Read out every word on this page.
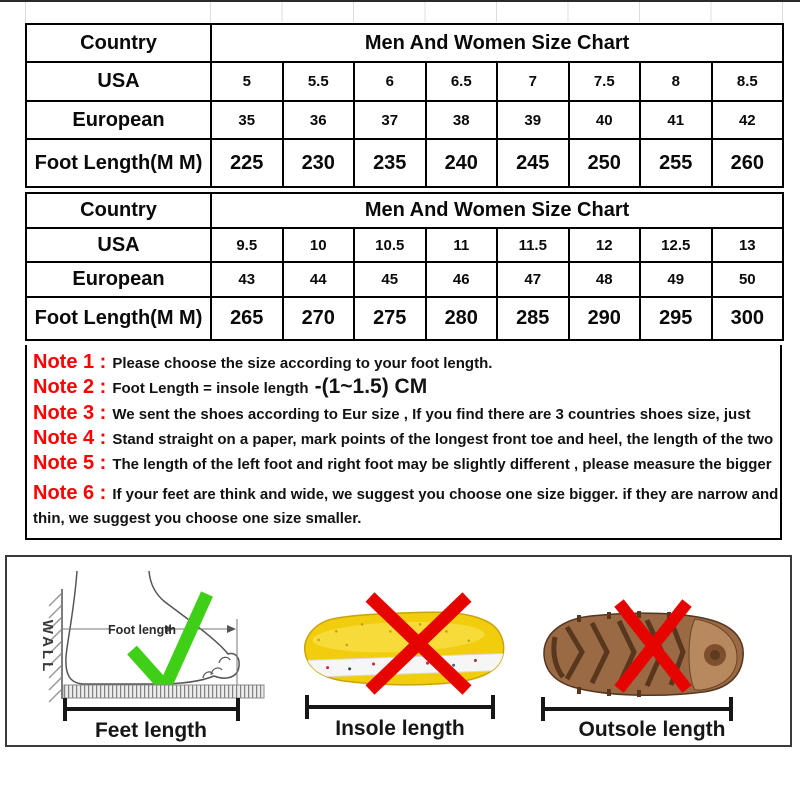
Country	Men And Women Size Chart							
USA	5	5.5	6	6.5	7	7.5	8	8.5
European	35	36	37	38	39	40	41	42
Foot Length(M M)	225	230	235	240	245	250	255	260
Country	Men And Women Size Chart							
USA	9.5	10	10.5	11	11.5	12	12.5	13
European	43	44	45	46	47	48	49	50
Foot Length(M M)	265	270	275	280	285	290	295	300
Note 1 : Please choose the size according to your foot length.
Note 2 : Foot Length = insole length -(1~1.5) CM
Note 3 : We sent the shoes according to Eur size , If you find there are 3 countries shoes size, just
Note 4 : Stand straight on a paper, mark points of the longest front toe and heel, the length of the two
Note 5 : The length of the left foot and right foot may be slightly different , please measure the bigger
Note 6 : If your feet are think and wide, we suggest you choose one size bigger. if they are narrow and thin, we suggest you choose one size smaller.
WALL	Foot length
Feet length	Insole length	Outsole length
